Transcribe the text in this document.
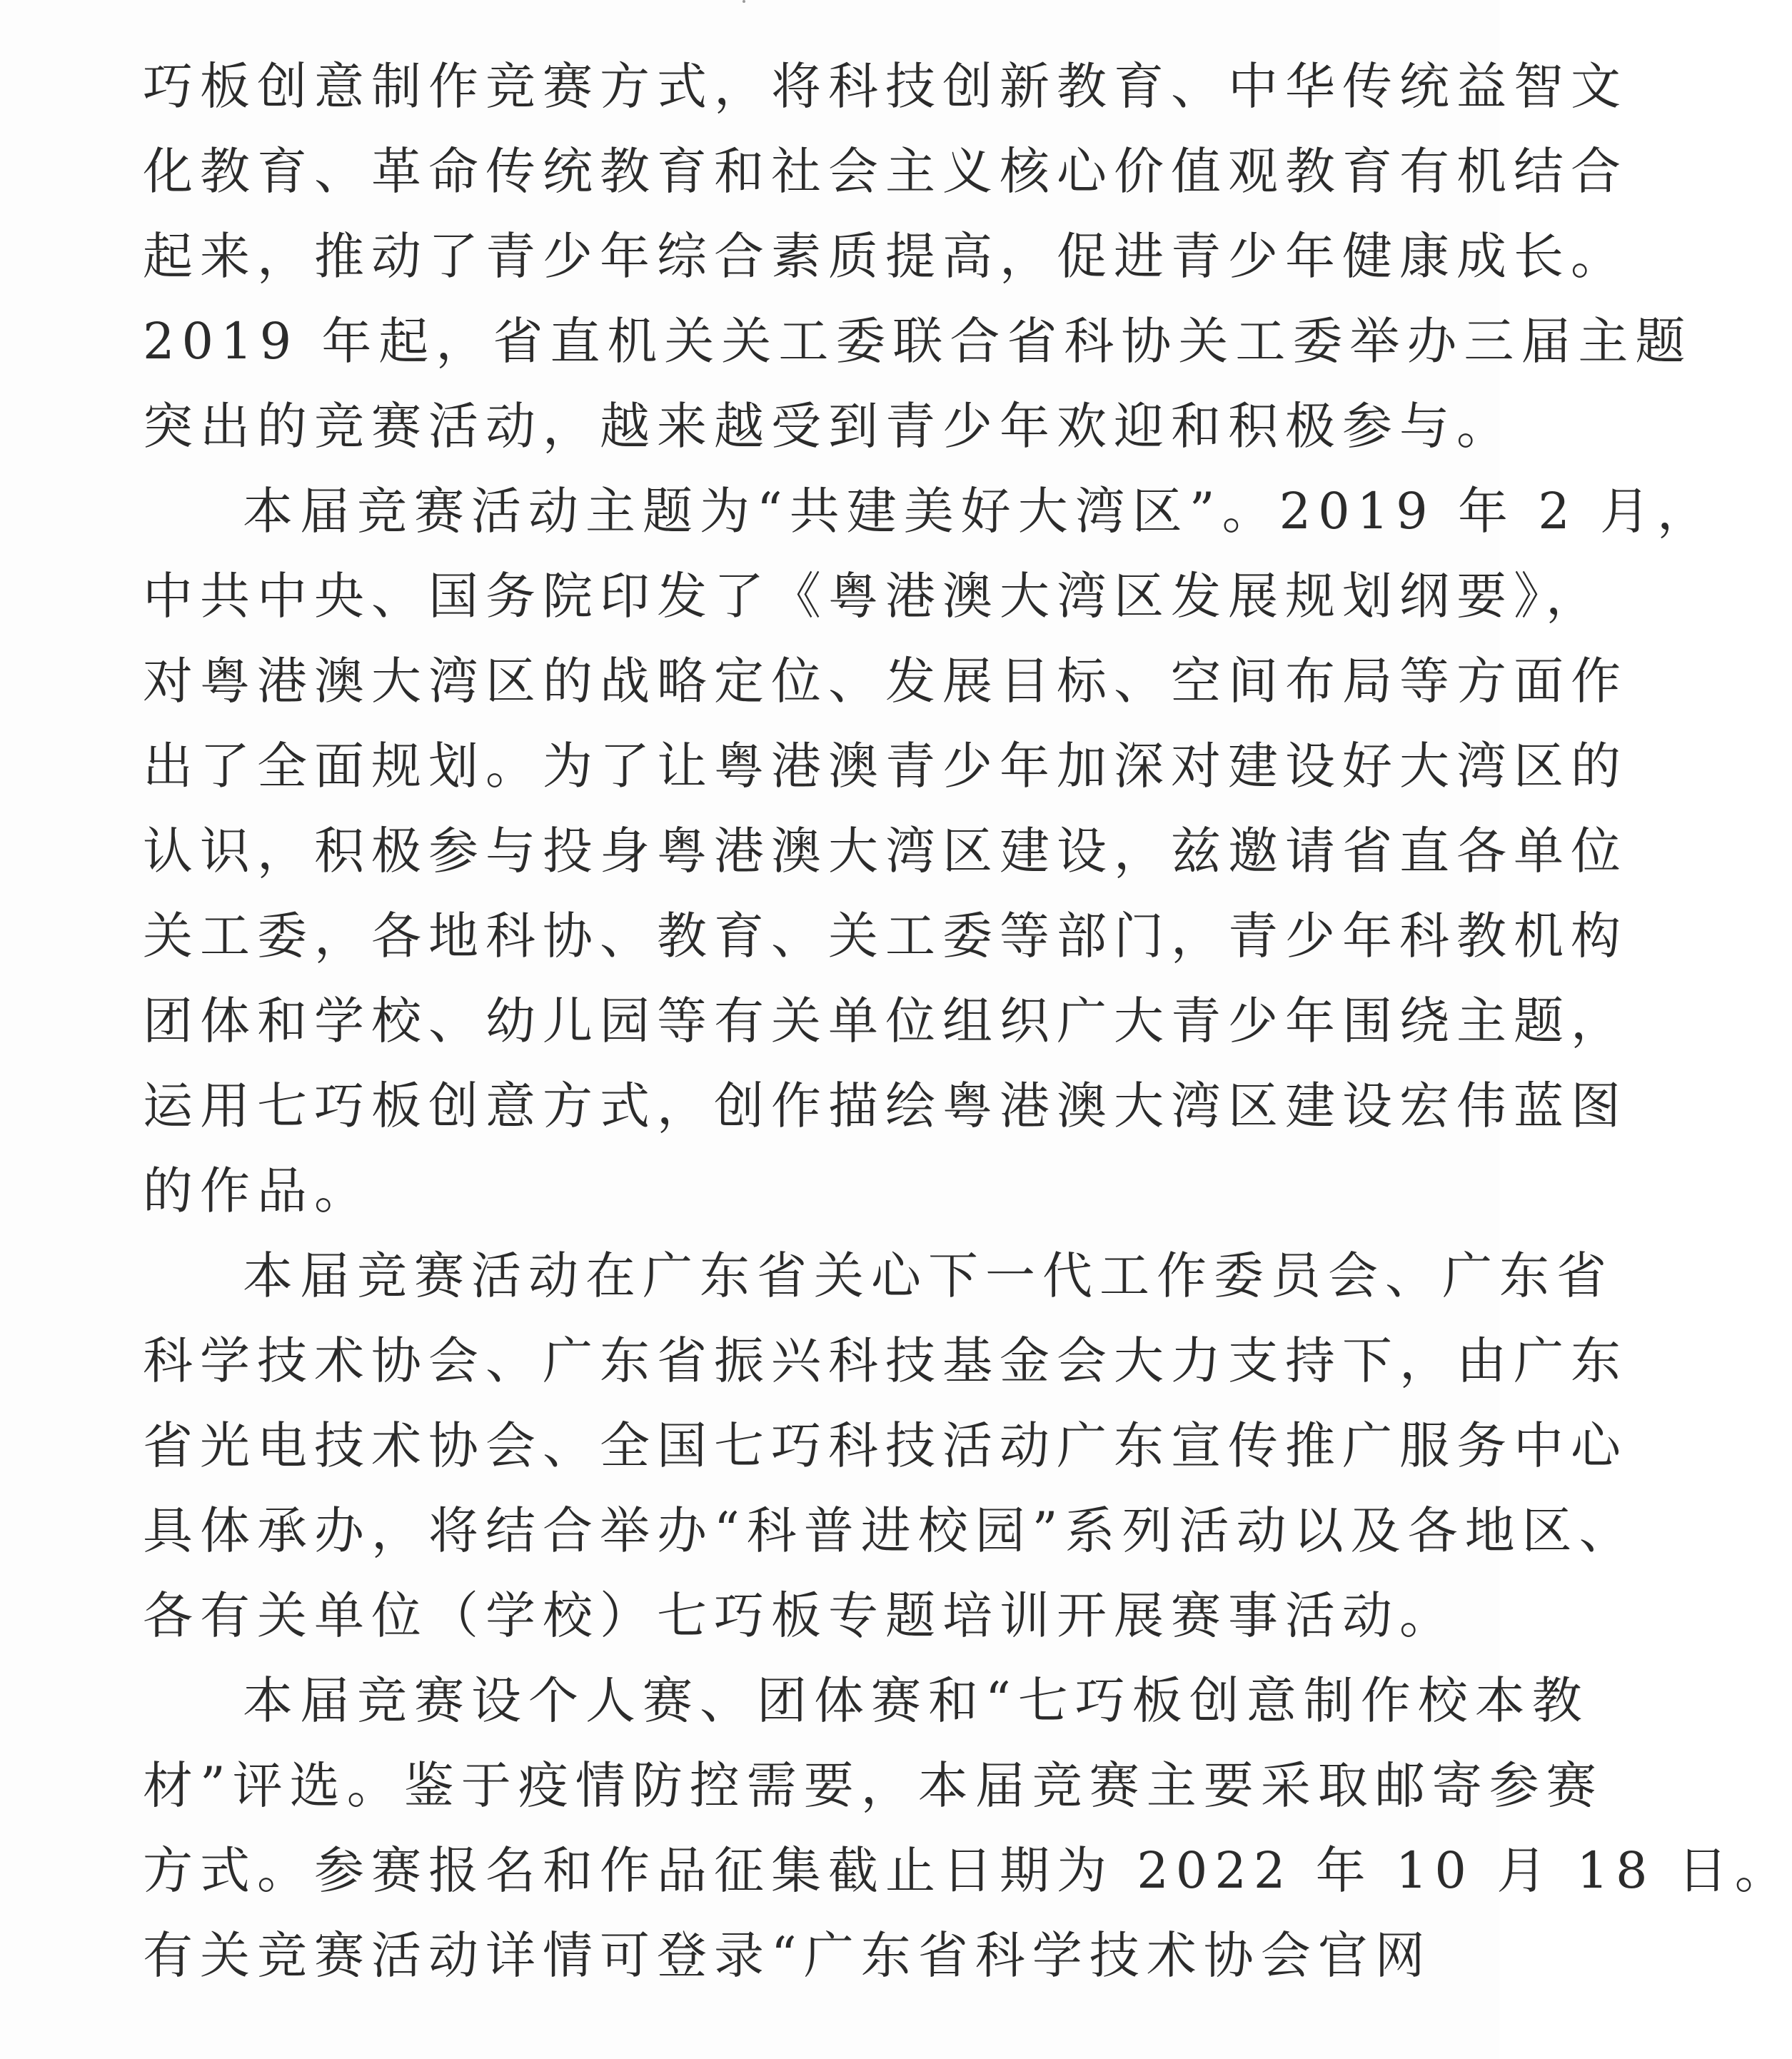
巧板创意制作竞赛方式，将科技创新教育、中华传统益智文
化教育、革命传统教育和社会主义核心价值观教育有机结合
起来，推动了青少年综合素质提高，促进青少年健康成长。
2019 年起，省直机关关工委联合省科协关工委举办三届主题
突出的竞赛活动，越来越受到青少年欢迎和积极参与。

本届竞赛活动主题为“共建美好大湾区”。2019 年 2 月，
中共中央、国务院印发了《粤港澳大湾区发展规划纲要》，
对粤港澳大湾区的战略定位、发展目标、空间布局等方面作
出了全面规划。为了让粤港澳青少年加深对建设好大湾区的
认识，积极参与投身粤港澳大湾区建设，兹邀请省直各单位
关工委，各地科协、教育、关工委等部门，青少年科教机构
团体和学校、幼儿园等有关单位组织广大青少年围绕主题，
运用七巧板创意方式，创作描绘粤港澳大湾区建设宏伟蓝图
的作品。

本届竞赛活动在广东省关心下一代工作委员会、广东省
科学技术协会、广东省振兴科技基金会大力支持下，由广东
省光电技术协会、全国七巧科技活动广东宣传推广服务中心
具体承办，将结合举办“科普进校园”系列活动以及各地区、
各有关单位（学校）七巧板专题培训开展赛事活动。

本届竞赛设个人赛、团体赛和“七巧板创意制作校本教
材”评选。鉴于疫情防控需要，本届竞赛主要采取邮寄参赛
方式。参赛报名和作品征集截止日期为 2022 年 10 月 18 日。
有关竞赛活动详情可登录“广东省科学技术协会官网
